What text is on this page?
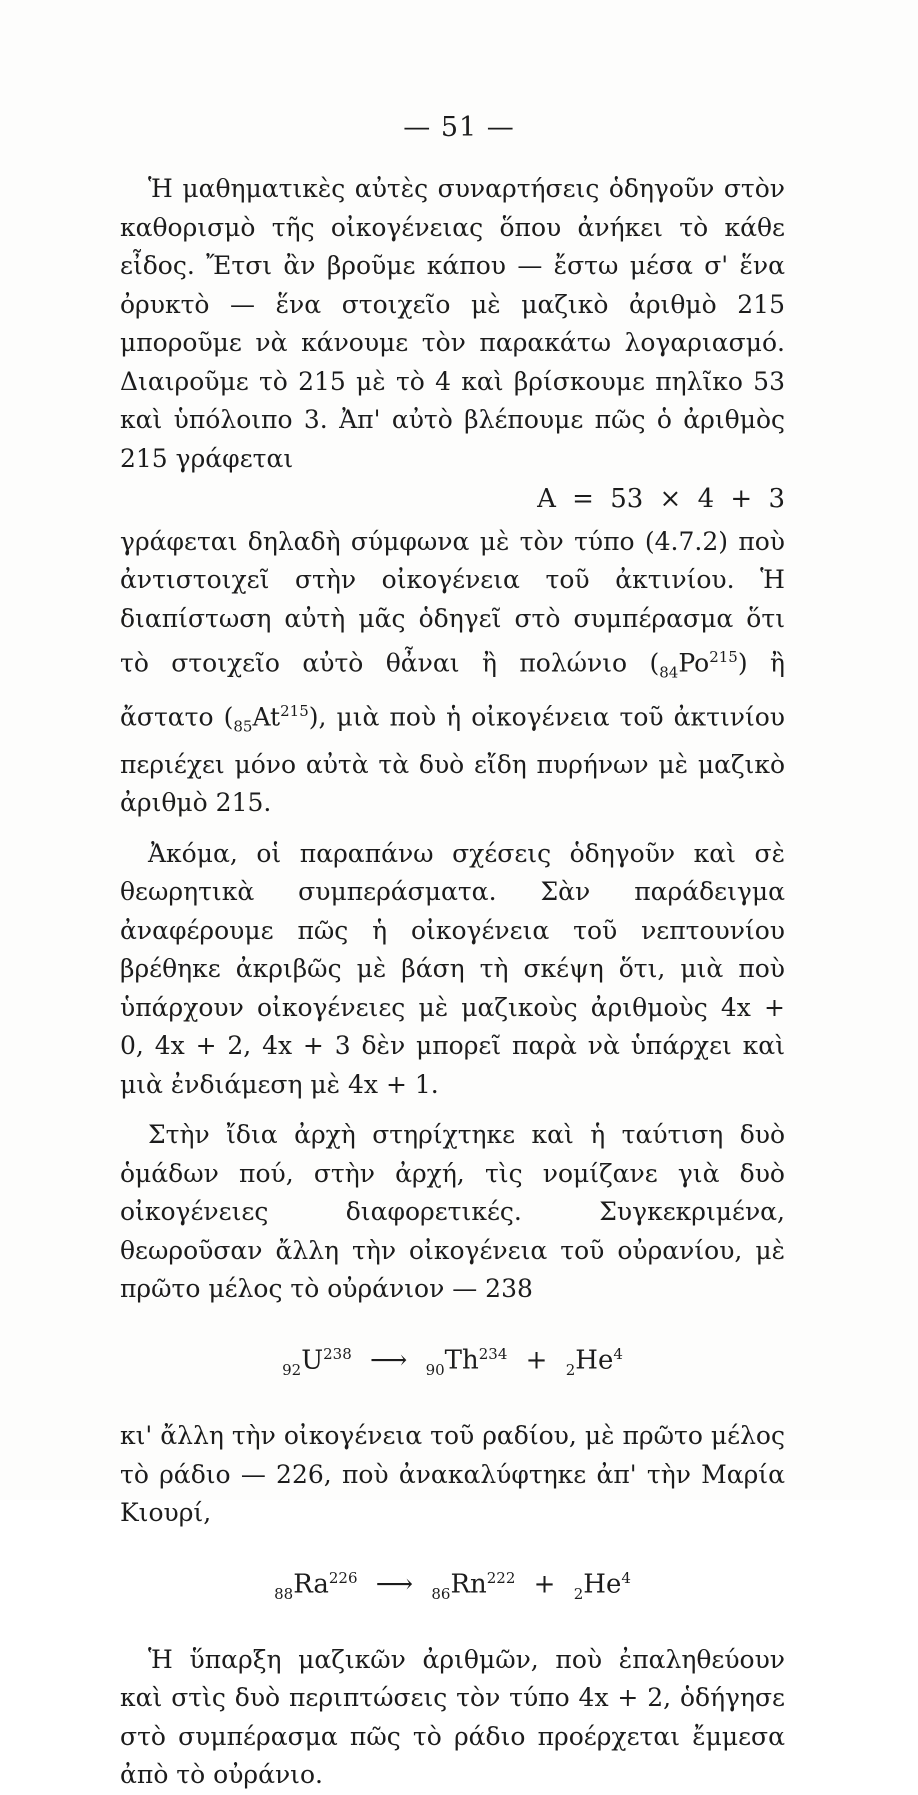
— 51 —

Ἡ μαθηματικὲς αὐτὲς συναρτήσεις ὁδηγοῦν στὸν καθορισμὸ τῆς οἰκογένειας ὅπου ἀνήκει τὸ κάθε εἶδος. Ἔτσι ἂν βροῦμε κάπου — ἔστω μέσα σ' ἕνα ὀρυκτὸ — ἕνα στοιχεῖο μὲ μαζικὸ ἀριθμὸ 215 μποροῦμε νὰ κάνουμε τὸν παρακάτω λογαριασμό. Διαιροῦμε τὸ 215 μὲ τὸ 4 καὶ βρίσκουμε πηλῖκο 53 καὶ ὑπόλοιπο 3. Ἀπ' αὐτὸ βλέπουμε πῶς ὁ ἀριθμὸς 215 γράφεται

A = 53 × 4 + 3

γράφεται δηλαδὴ σύμφωνα μὲ τὸν τύπο (4.7.2) ποὺ ἀντιστοιχεῖ στὴν οἰκογένεια τοῦ ἀκτινίου. Ἡ διαπίστωση αὐτὴ μᾶς ὁδηγεῖ στὸ συμπέρασμα ὅτι τὸ στοιχεῖο αὐτὸ θἆναι ἢ πολώνιο $(_{84}Po^{215})$ ἢ ἄστατο $(_{85}At^{215})$, μιὰ ποὺ ἡ οἰκογένεια τοῦ ἀκτινίου περιέχει μόνο αὐτὰ τὰ δυὸ εἴδη πυρήνων μὲ μαζικὸ ἀριθμὸ 215.

Ἀκόμα, οἱ παραπάνω σχέσεις ὁδηγοῦν καὶ σὲ θεωρητικὰ συμπεράσματα. Σὰν παράδειγμα ἀναφέρουμε πῶς ἡ οἰκογένεια τοῦ νεπτουνίου βρέθηκε ἀκριβῶς μὲ βάση τὴ σκέψη ὅτι, μιὰ ποὺ ὑπάρχουν οἰκογένειες μὲ μαζικοὺς ἀριθμοὺς 4x + 0, 4x + 2, 4x + 3 δὲν μπορεῖ παρὰ νὰ ὑπάρχει καὶ μιὰ ἐνδιάμεση μὲ 4x + 1.

Στὴν ἴδια ἀρχὴ στηρίχτηκε καὶ ἡ ταύτιση δυὸ ὁμάδων πού, στὴν ἀρχή, τὶς νομίζανε γιὰ δυὸ οἰκογένειες διαφορετικές. Συγκεκριμένα, θεωροῦσαν ἄλλη τὴν οἰκογένεια τοῦ οὐρανίου, μὲ πρῶτο μέλος τὸ οὐράνιον — 238

$_{92}U^{238}$ ⟶ $_{90}Th^{234} + _2He^4$

κι' ἄλλη τὴν οἰκογένεια τοῦ ραδίου, μὲ πρῶτο μέλος τὸ ράδιο — 226, ποὺ ἀνακαλύφτηκε ἀπ' τὴν Μαρία Κιουρί,

$_{88}Ra^{226}$ ⟶ $_{86}Rn^{222} + _2He^4$

Ἡ ὕπαρξη μαζικῶν ἀριθμῶν, ποὺ ἐπαληθεύουν καὶ στὶς δυὸ περιπτώσεις τὸν τύπο 4x + 2, ὁδήγησε στὸ συμπέρασμα πῶς τὸ ράδιο προέρχεται ἔμμεσα ἀπὸ τὸ οὐράνιο.
